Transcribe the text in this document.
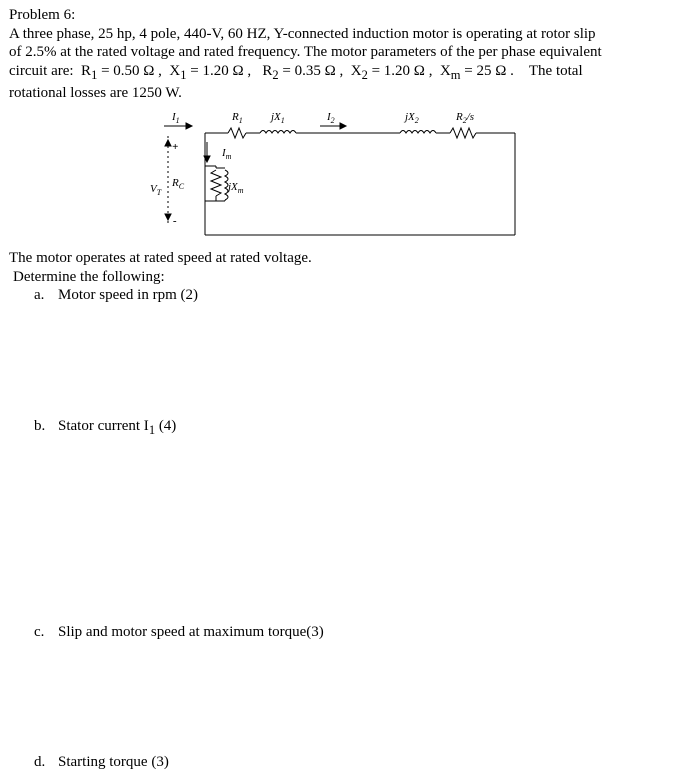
Problem 6:

A three phase, 25 hp, 4 pole, 440-V, 60 HZ, Y-connected induction motor is operating at rotor slip

of 2.5% at the rated voltage and rated frequency. The motor parameters of the per phase equivalent

circuit are: $R_1 = 0.50$ Ω , $X_1 = 1.20$ Ω , $R_2 = 0.35$ Ω , $X_2 = 1.20$ Ω , $X_m = 25$ Ω . The total

rotational losses are 1250 W.

$I_1$	$R_1$	$jX_1$	$I_2$	$jX_2$	$R_2/s$
$I_m$
$V_T$
$R_C$	$jX_m$
+
-

The motor operates at rated speed at rated voltage.

Determine the following:

a. Motor speed in rpm (2)
b. Stator current $I_1$ (4)
c. Slip and motor speed at maximum torque(3)
d. Starting torque (3)
